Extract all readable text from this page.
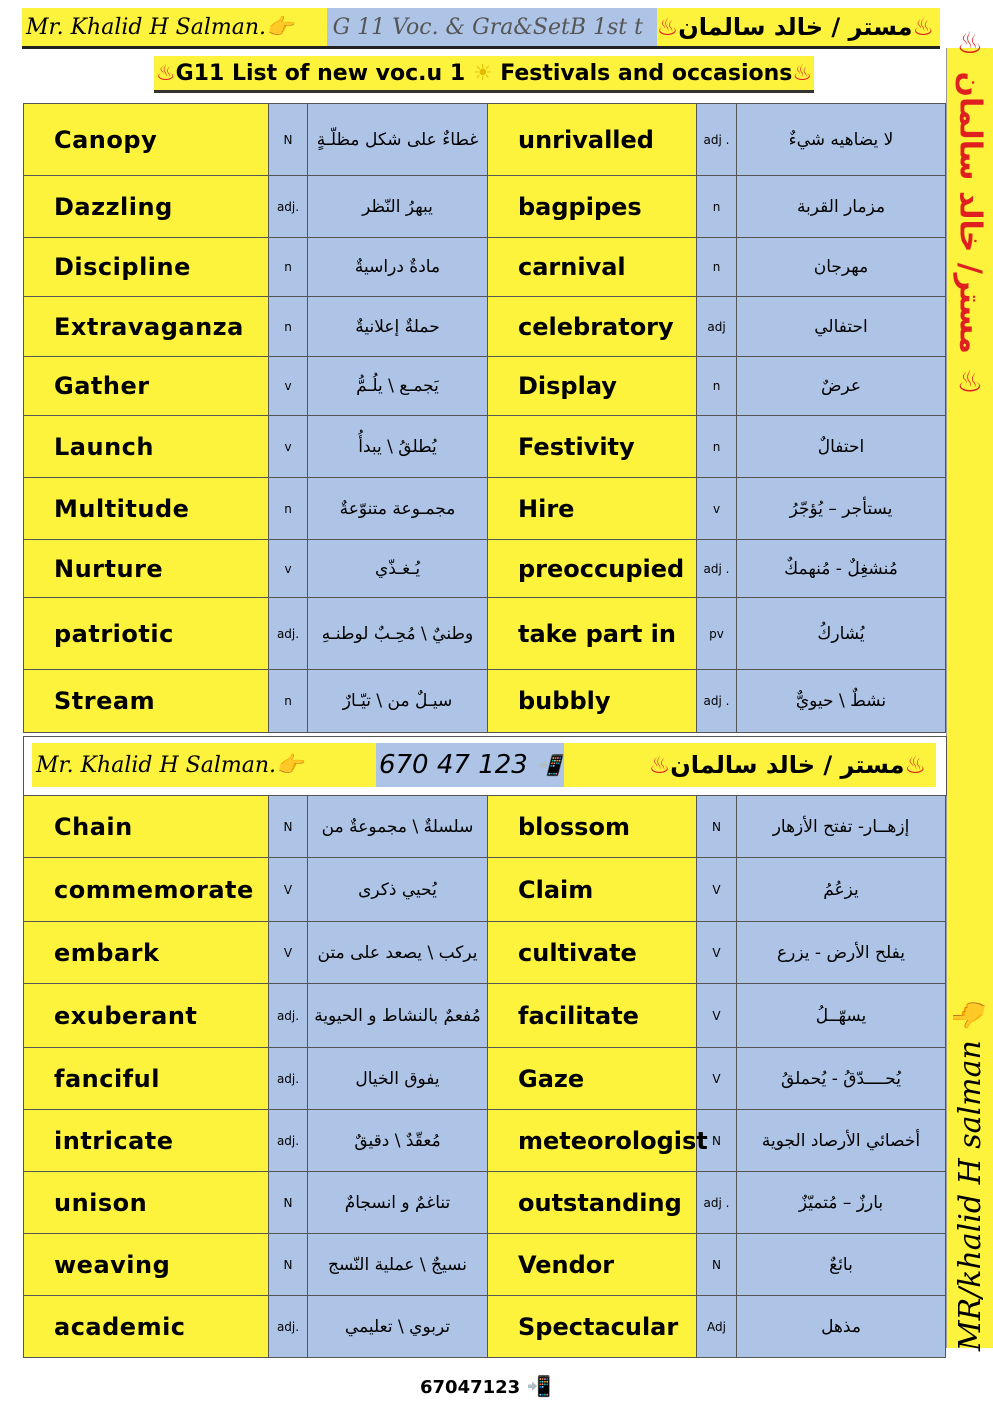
Mr. Khalid H Salman. 👉 G 11 Voc. & Gra&SetB 1st t	♨
مستر / خالد سالمان
♨
♨ G11 List of new voc.u 1 ☀ Festivals and occasions ♨
♨ مستر/ خالد سالمان ♨
MR/khalid H salman 👉
Canopy	N	غطاءٌ على شكل مظلّـةٍ	unrivalled	adj .	لا يضاهيه شيءٌ
Dazzling	adj.	يبهرُ النّظر	bagpipes	n	مزمار القربة
Discipline	n	مادةٌ دراسيةٌ	carnival	n	مهرجان
Extravaganza	n	حملةٌ إعلانيةٌ	celebratory	adj	احتفالي
Gather	v	يَجمـع \ يلُـمُّ	Display	n	عرضٌ
Launch	v	يُطلقُ \ يبدأُ	Festivity	n	احتفالٌ
Multitude	n	مجمـوعة متنوّعةٌ	Hire	v	يستأجر – يُؤجّرُ
Nurture	v	يُـغـذّي	preoccupied	adj .	مُنشغِلٌ - مُنهمكٌ
patriotic	adj.	وطنيٌ \ مُحِـبٌ لوطنـهِ	take part in	pv	يُشاركُ
Stream	n	سيـلٌ من \ تيّـارٌ	bubbly	adj .	نشطٌ \ حيويٌّ
Mr. Khalid H Salman.👉	670 47 123
📲	♨مستر / خالد سالمان♨
Chain	N	سلسلةٌ \ مجموعةٌ من	blossom	N	إزهــار- تفتح الأزهار
commemorate	V	يُحيي ذكرى	Claim	V	يزعُمُ
embark	V	يركب \ يصعد على متن	cultivate	V	يفلح الأرض - يزرع
exuberant	adj.	مُفعمٌ بالنشاط و الحيوية	facilitate	V	يسهّــلُ
fanciful	adj.	يفوق الخيال	Gaze	V	يُحــــدّقُ - يُحملقُ
intricate	adj.	مُعقّدٌ \ دقيقٌ	meteorologist	N	أخصائي الأرصاد الجوية
unison	N	تناغمٌ و انسجامٌ	outstanding	adj .	بارزٌ – مُتميّزٌ
weaving	N	نسيجٌ \ عملية النّسج	Vendor	N	بائعٌ
academic	adj.	تربوي \ تعليمي	Spectacular	Adj	مذهل
67047123 📲
